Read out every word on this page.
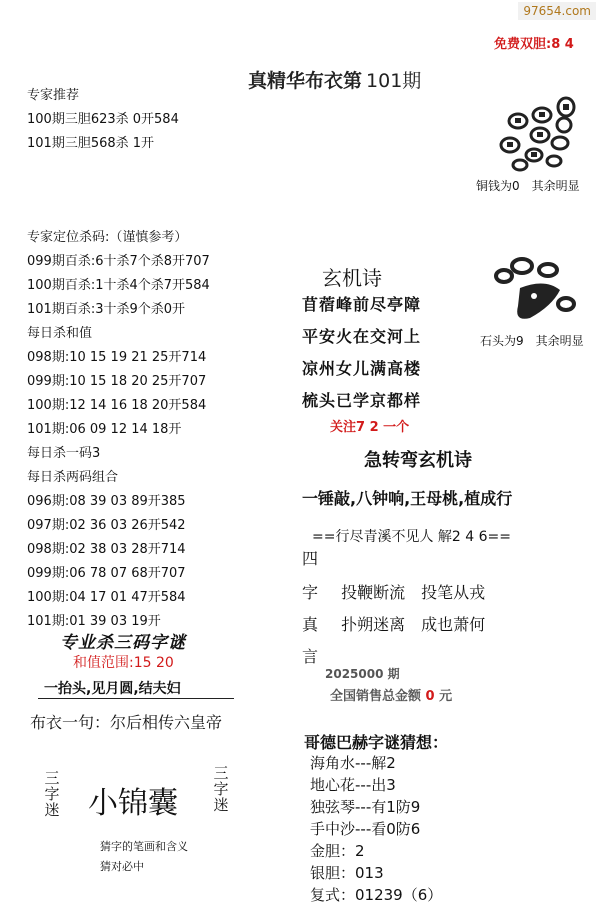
97654.com
免费双胆:8 4
真精华布衣第 101期
专家推荐
100期三胆623杀 0开584
101期三胆568杀 1开
专家定位杀码:（谨慎参考）
099期百杀:6十杀7个杀8开707
100期百杀:1十杀4个杀7开584
101期百杀:3十杀9个杀0开
每日杀和值
098期:10 15 19 21 25开714
099期:10 15 18 20 25开707
100期:12 14 16 18 20开584
101期:06 09 12 14 18开
每日杀一码3
每日杀两码组合
096期:08 39 03 89开385
097期:02 36 03 26开542
098期:02 38 03 28开714
099期:06 78 07 68开707
100期:04 17 01 47开584
101期:01 39 03 19开
专业杀三码字谜
和值范围:15 20
一抬头,见月圆,结夫妇
布衣一句：尔后相传六皇帝
三字迷 小锦囊
三字迷
猜字的笔画和含义
猜对必中
铜钱为0　其余明显
石头为9　其余明显
玄机诗
苜蓿峰前尽亭障
平安火在交河上
凉州女儿满高楼
梳头已学京都样
关注7 2 一个
急转弯玄机诗
一锤敲,八钟响,王母桃,植成行
==行尽青溪不见人 解2 4 6==
四
字 投鞭断流　投笔从戎
真 扑朔迷离　成也萧何
言
2025000 期
全国销售总金额 0 元
哥德巴赫字谜猜想：
海角水---解2
地心花---出3
独弦琴---有1防9
手中沙---看0防6
金胆：2
银胆：013
复式：01239（6）
